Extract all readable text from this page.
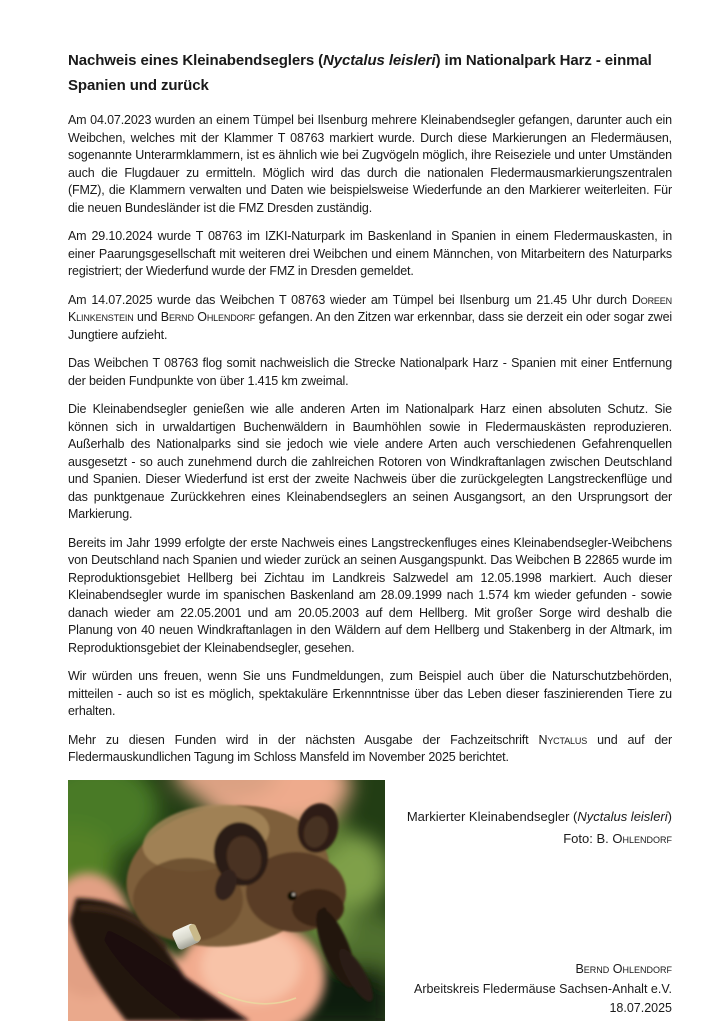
Nachweis eines Kleinabendseglers (Nyctalus leisleri) im Nationalpark Harz - einmal
Spanien und zurück

Am 04.07.2023 wurden an einem Tümpel bei Ilsenburg mehrere Kleinabendsegler gefangen, darunter auch ein Weibchen, welches mit der Klammer T 08763 markiert wurde. Durch diese Markierungen an Fledermäusen, sogenannte Unterarmklammern, ist es ähnlich wie bei Zugvögeln möglich, ihre Reiseziele und unter Umständen auch die Flugdauer zu ermitteln. Möglich wird das durch die nationalen Fledermausmarkierungszentralen (FMZ), die Klammern verwalten und Daten wie beispielsweise Wiederfunde an den Markierer weiterleiten. Für die neuen Bundesländer ist die FMZ Dresden zuständig.

Am 29.10.2024 wurde T 08763 im IZKI-Naturpark im Baskenland in Spanien in einem Fledermauskasten, in einer Paarungsgesellschaft mit weiteren drei Weibchen und einem Männchen, von Mitarbeitern des Naturparks registriert; der Wiederfund wurde der FMZ in Dresden gemeldet.

Am 14.07.2025 wurde das Weibchen T 08763 wieder am Tümpel bei Ilsenburg um 21.45 Uhr durch Doreen Klinkenstein und Bernd Ohlendorf gefangen. An den Zitzen war erkennbar, dass sie derzeit ein oder sogar zwei Jungtiere aufzieht.

Das Weibchen T 08763 flog somit nachweislich die Strecke Nationalpark Harz - Spanien mit einer Entfernung der beiden Fundpunkte von über 1.415 km zweimal.

Die Kleinabendsegler genießen wie alle anderen Arten im Nationalpark Harz einen absoluten Schutz. Sie können sich in urwaldartigen Buchenwäldern in Baumhöhlen sowie in Fledermauskästen reproduzieren. Außerhalb des Nationalparks sind sie jedoch wie viele andere Arten auch verschiedenen Gefahrenquellen ausgesetzt - so auch zunehmend durch die zahlreichen Rotoren von Windkraftanlagen zwischen Deutschland und Spanien. Dieser Wiederfund ist erst der zweite Nachweis über die zurückgelegten Langstreckenflüge und das punktgenaue Zurückkehren eines Kleinabendseglers an seinen Ausgangsort, an den Ursprungsort der Markierung.

Bereits im Jahr 1999 erfolgte der erste Nachweis eines Langstreckenfluges eines Kleinabendsegler-Weibchens von Deutschland nach Spanien und wieder zurück an seinen Ausgangspunkt. Das Weibchen B 22865 wurde im Reproduktionsgebiet Hellberg bei Zichtau im Landkreis Salzwedel am 12.05.1998 markiert. Auch dieser Kleinabendsegler wurde im spanischen Baskenland am 28.09.1999 nach 1.574 km wieder gefunden - sowie danach wieder am 22.05.2001 und am 20.05.2003 auf dem Hellberg. Mit großer Sorge wird deshalb die Planung von 40 neuen Windkraftanlagen in den Wäldern auf dem Hellberg und Stakenberg in der Altmark, im Reproduktionsgebiet der Kleinabendsegler, gesehen.

Wir würden uns freuen, wenn Sie uns Fundmeldungen, zum Beispiel auch über die Naturschutzbehörden, mitteilen - auch so ist es möglich, spektakuläre Erkennntnisse über das Leben dieser faszinierenden Tiere zu erhalten.

Mehr zu diesen Funden wird in der nächsten Ausgabe der Fachzeitschrift Nyctalus und auf der Fledermauskundlichen Tagung im Schloss Mansfeld im November 2025 berichtet.

Markierter Kleinabendsegler (Nyctalus leisleri)
Foto: B. Ohlendorf
Bernd Ohlendorf
Arbeitskreis Fledermäuse Sachsen-Anhalt e.V.
18.07.2025
